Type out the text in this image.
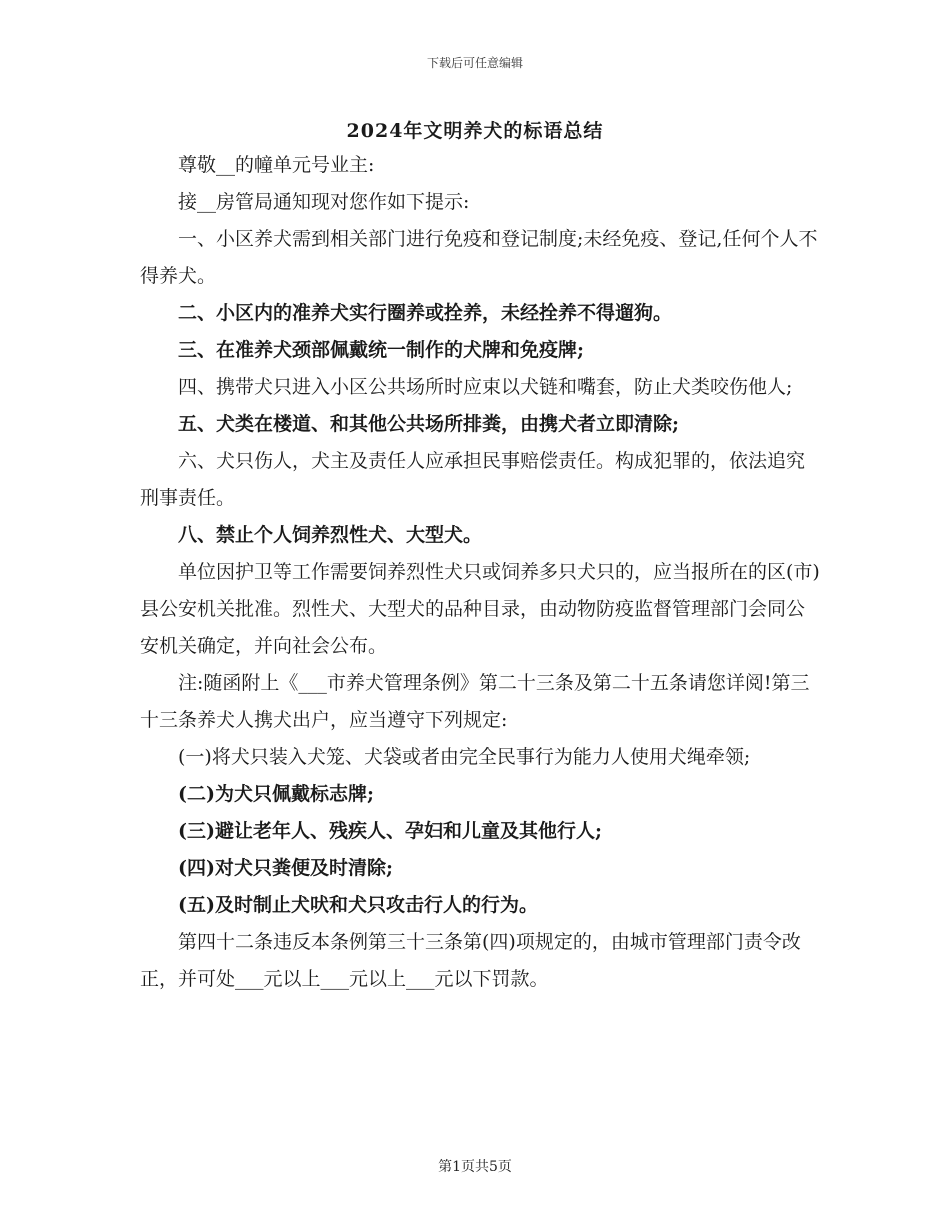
下载后可任意编辑
2024年文明养犬的标语总结

尊敬__的幢单元号业主:

接__房管局通知现对您作如下提示:

一、小区养犬需到相关部门进行免疫和登记制度;未经免疫、登记,任何个人不得养犬。

二、小区内的准养犬实行圈养或拴养，未经拴养不得遛狗。

三、在准养犬颈部佩戴统一制作的犬牌和免疫牌;

四、携带犬只进入小区公共场所时应束以犬链和嘴套，防止犬类咬伤他人;

五、犬类在楼道、和其他公共场所排粪，由携犬者立即清除;

六、犬只伤人，犬主及责任人应承担民事赔偿责任。构成犯罪的，依法追究刑事责任。

八、禁止个人饲养烈性犬、大型犬。

单位因护卫等工作需要饲养烈性犬只或饲养多只犬只的，应当报所在的区(市)县公安机关批准。烈性犬、大型犬的品种目录，由动物防疫监督管理部门会同公安机关确定，并向社会公布。

注:随函附上《___市养犬管理条例》第二十三条及第二十五条请您详阅!第三十三条养犬人携犬出户，应当遵守下列规定:

(一)将犬只装入犬笼、犬袋或者由完全民事行为能力人使用犬绳牵领;

(二)为犬只佩戴标志牌;

(三)避让老年人、残疾人、孕妇和儿童及其他行人;

(四)对犬只粪便及时清除;

(五)及时制止犬吠和犬只攻击行人的行为。

第四十二条违反本条例第三十三条第(四)项规定的，由城市管理部门责令改正，并可处___元以上___元以上___元以下罚款。

第1页共5页
